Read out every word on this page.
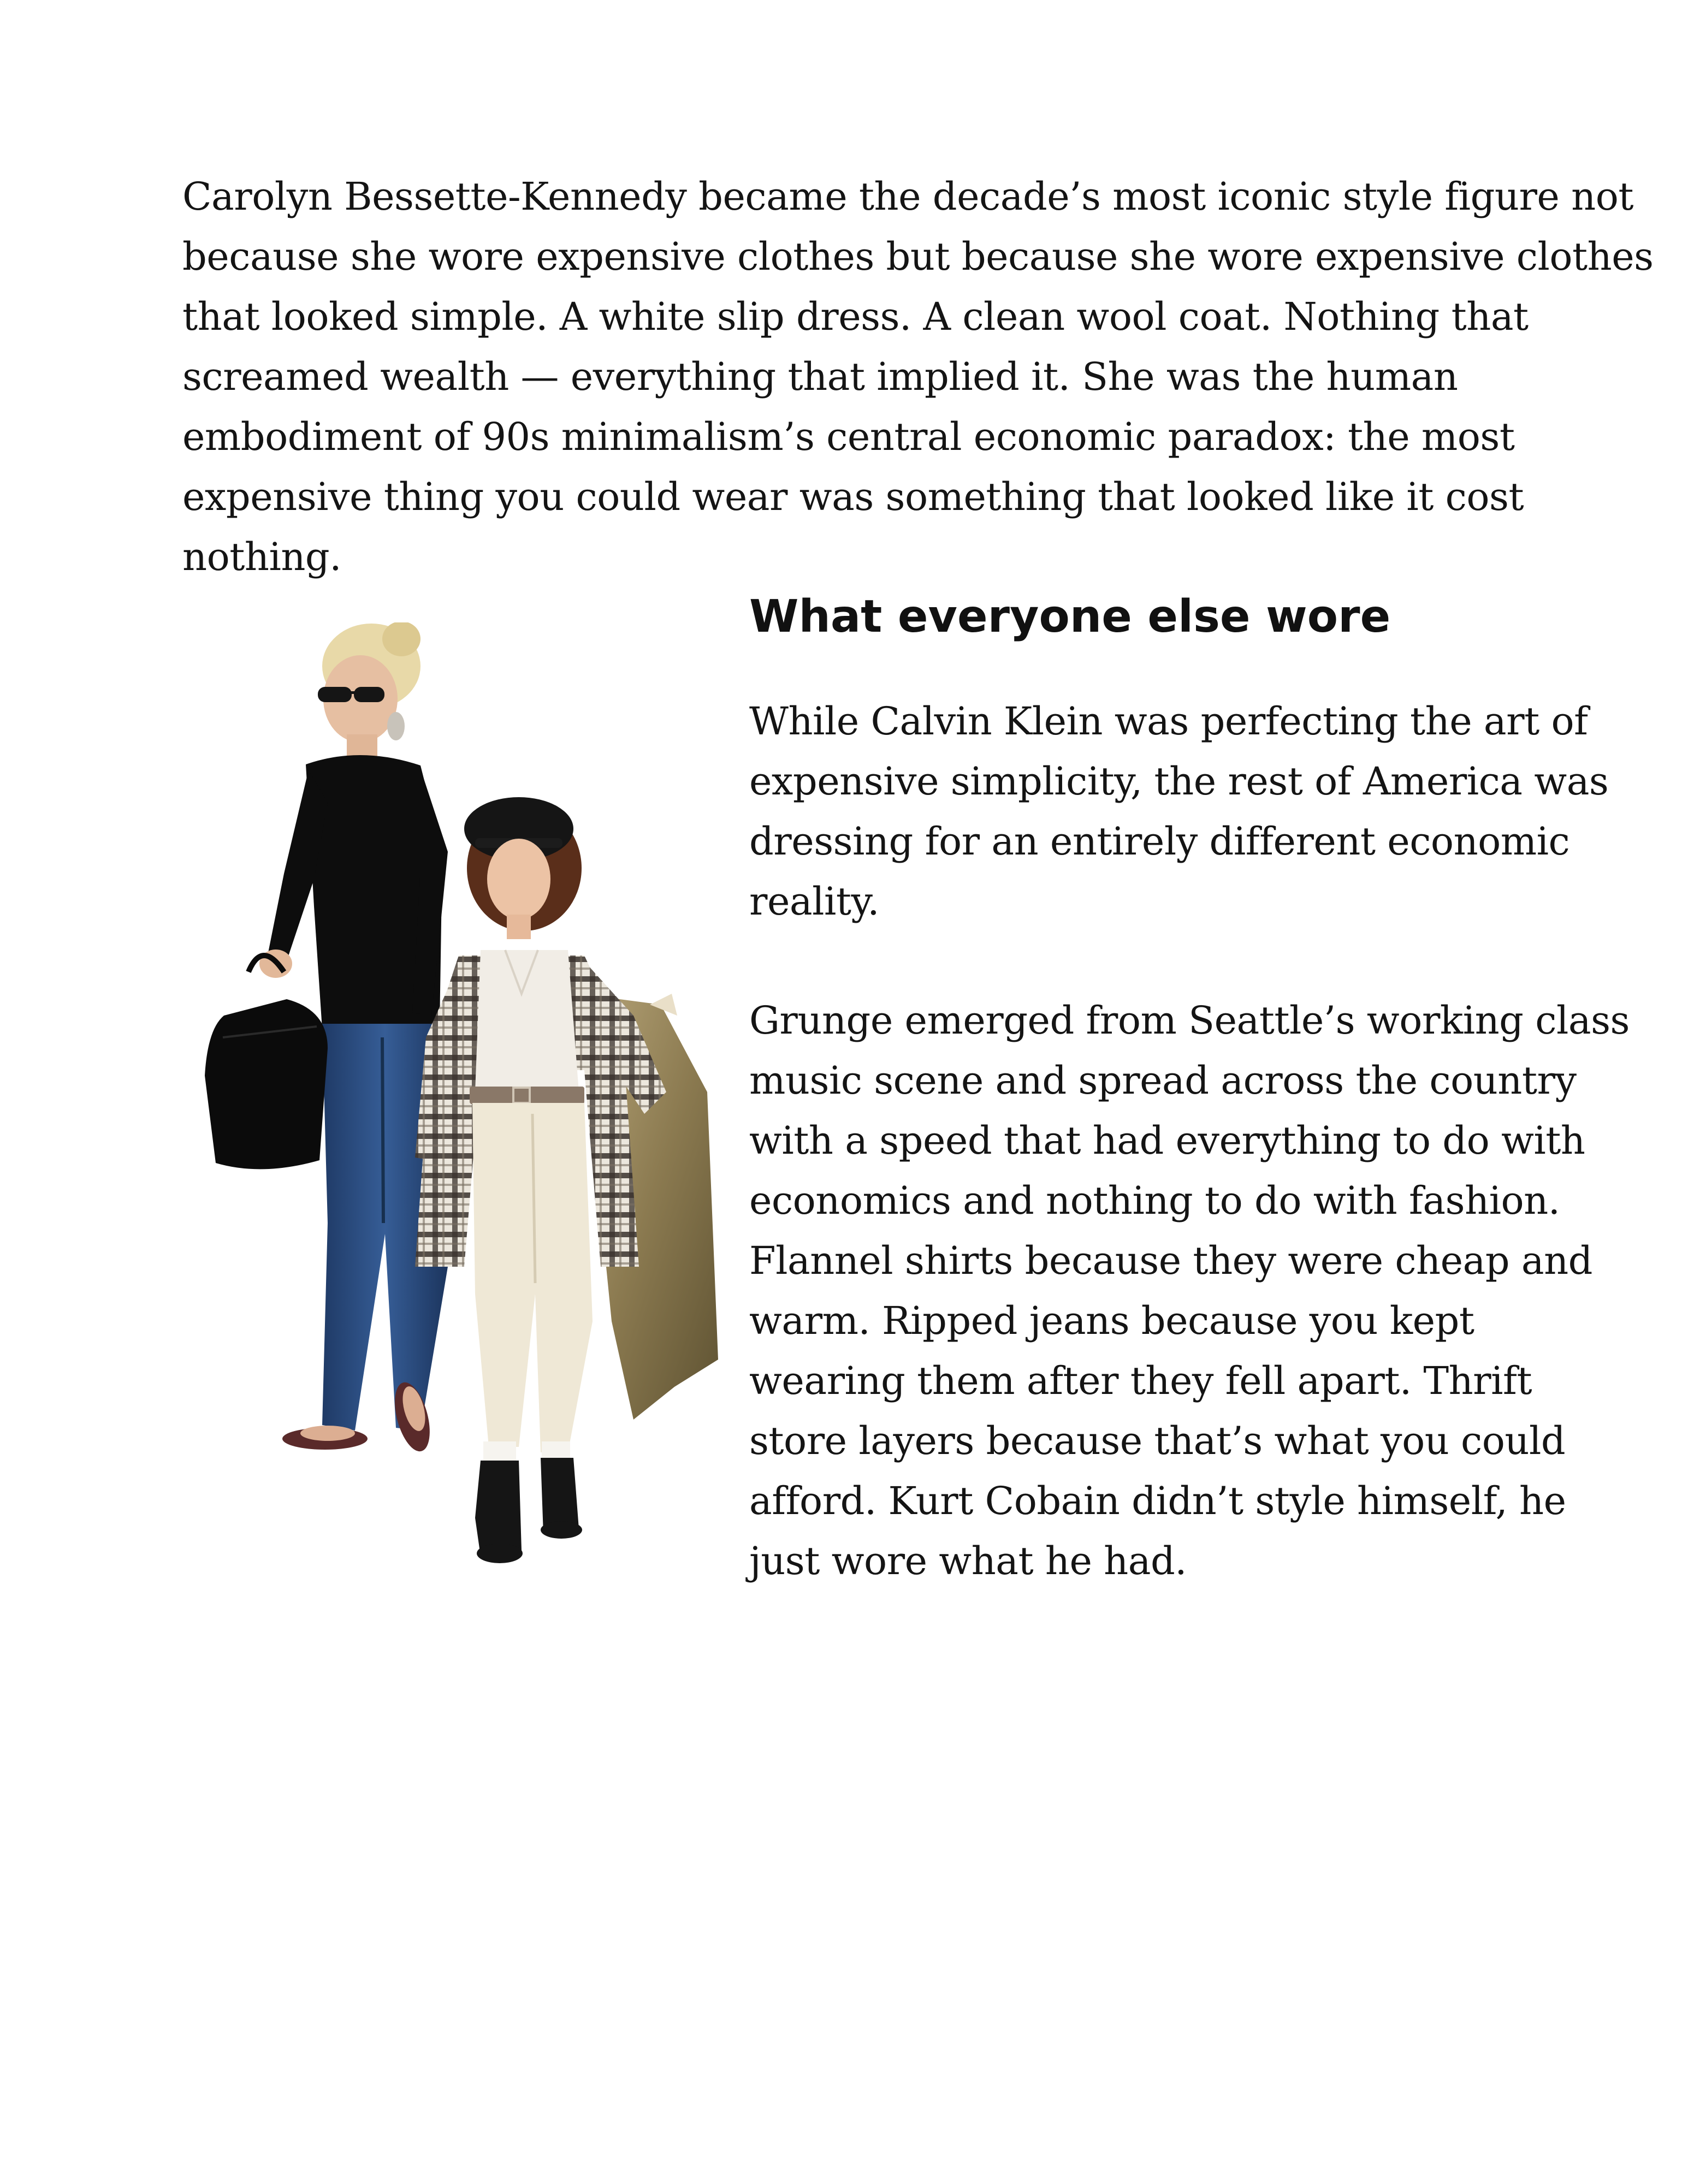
Carolyn Bessette-Kennedy became the decade’s most iconic style figure not
because she wore expensive clothes but because she wore expensive clothes
that looked simple. A white slip dress. A clean wool coat. Nothing that
screamed wealth — everything that implied it. She was the human
embodiment of 90s minimalism’s central economic paradox: the most
expensive thing you could wear was something that looked like it cost
nothing.
What everyone else wore
While Calvin Klein was perfecting the art of
expensive simplicity, the rest of America was
dressing for an entirely different economic
reality.
Grunge emerged from Seattle’s working class
music scene and spread across the country
with a speed that had everything to do with
economics and nothing to do with fashion.
Flannel shirts because they were cheap and
warm. Ripped jeans because you kept
wearing them after they fell apart. Thrift
store layers because that’s what you could
afford. Kurt Cobain didn’t style himself, he
just wore what he had.
